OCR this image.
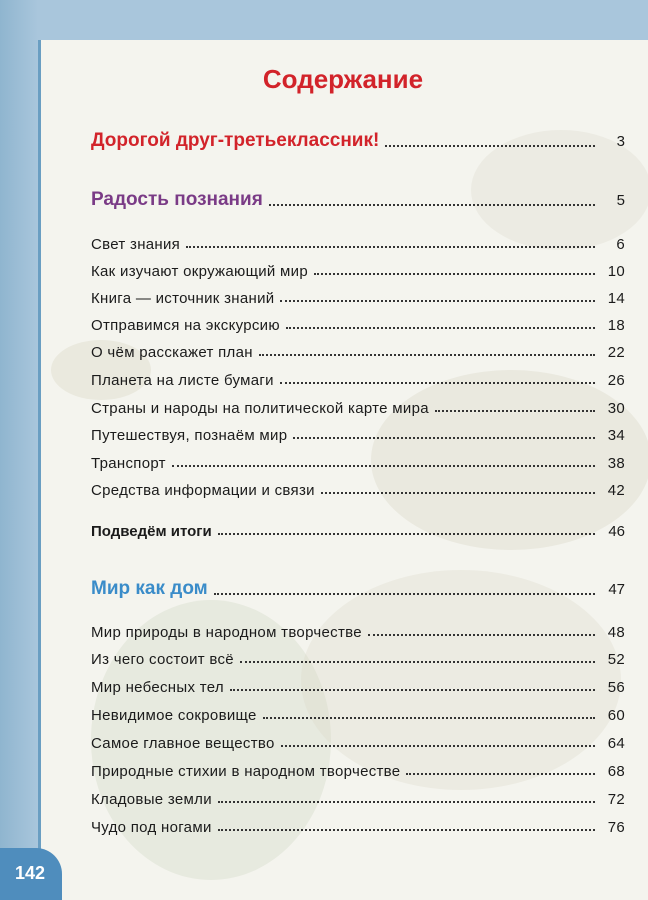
Содержание
Дорогой друг-третьеклассник!	3
Радость познания	5
Свет знания	6
Как изучают окружающий мир	10
Книга — источник знаний	14
Отправимся на экскурсию	18
О чём расскажет план	22
Планета на листе бумаги	26
Страны и народы на политической карте мира	30
Путешествуя, познаём мир	34
Транспорт	38
Средства информации и связи	42
Подведём итоги	46
Мир как дом	47
Мир природы в народном творчестве	48
Из чего состоит всё	52
Мир небесных тел	56
Невидимое сокровище	60
Самое главное вещество	64
Природные стихии в народном творчестве	68
Кладовые земли	72
Чудо под ногами	76
142
